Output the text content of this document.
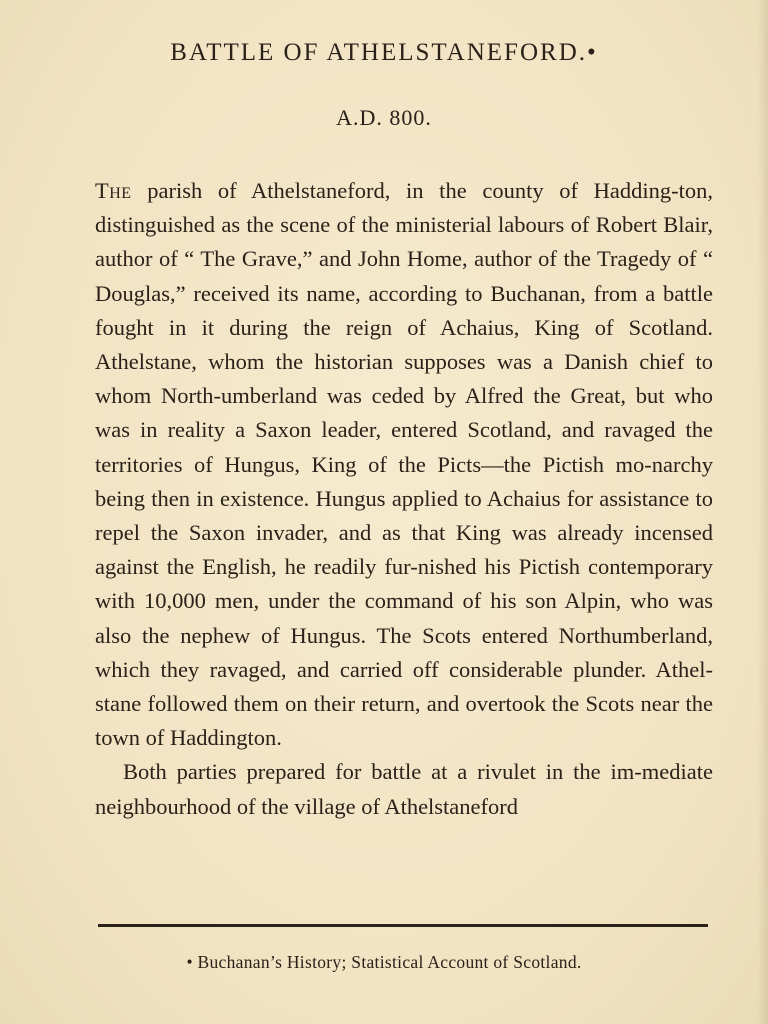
BATTLE OF ATHELSTANEFORD.•
A.D. 800.

The parish of Athelstaneford, in the county of Hadding-ton, distinguished as the scene of the ministerial labours of Robert Blair, author of “ The Grave,” and John Home, author of the Tragedy of “ Douglas,” received its name, according to Buchanan, from a battle fought in it during the reign of Achaius, King of Scotland. Athelstane, whom the historian supposes was a Danish chief to whom North-umberland was ceded by Alfred the Great, but who was in reality a Saxon leader, entered Scotland, and ravaged the territories of Hungus, King of the Picts—the Pictish mo-narchy being then in existence. Hungus applied to Achaius for assistance to repel the Saxon invader, and as that King was already incensed against the English, he readily fur-nished his Pictish contemporary with 10,000 men, under the command of his son Alpin, who was also the nephew of Hungus. The Scots entered Northumberland, which they ravaged, and carried off considerable plunder. Athel-stane followed them on their return, and overtook the Scots near the town of Haddington.

Both parties prepared for battle at a rivulet in the im-mediate neighbourhood of the village of Athelstaneford

• Buchanan’s History; Statistical Account of Scotland.
